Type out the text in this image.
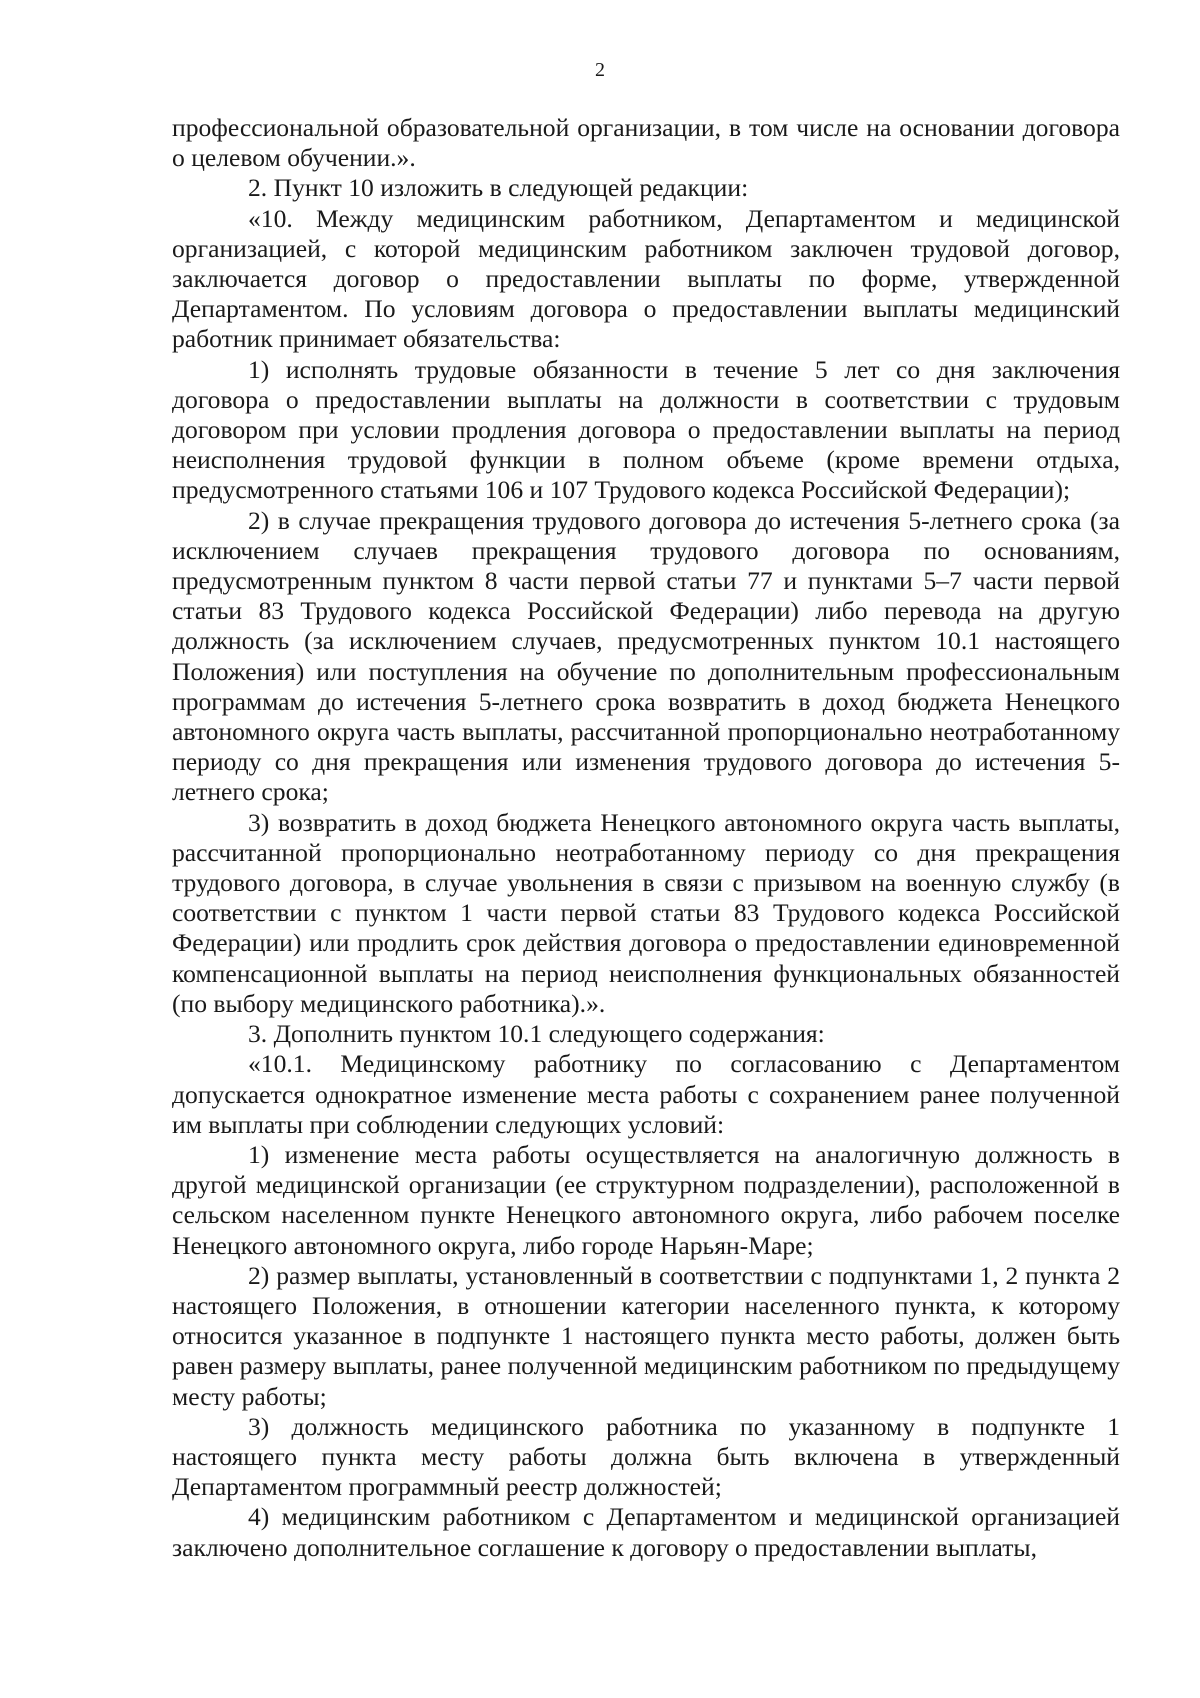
2

профессиональной образовательной организации, в том числе на основании договора о целевом обучении.».

2. Пункт 10 изложить в следующей редакции:

«10. Между медицинским работником, Департаментом и медицинской организацией, с которой медицинским работником заключен трудовой договор, заключается договор о предоставлении выплаты по форме, утвержденной Департаментом. По условиям договора о предоставлении выплаты медицинский работник принимает обязательства:

1) исполнять трудовые обязанности в течение 5 лет со дня заключения договора о предоставлении выплаты на должности в соответствии с трудовым договором при условии продления договора о предоставлении выплаты на период неисполнения трудовой функции в полном объеме (кроме времени отдыха, предусмотренного статьями 106 и 107 Трудового кодекса Российской Федерации);

2) в случае прекращения трудового договора до истечения 5-летнего срока (за исключением случаев прекращения трудового договора по основаниям, предусмотренным пунктом 8 части первой статьи 77 и пунктами 5–7 части первой статьи 83 Трудового кодекса Российской Федерации) либо перевода на другую должность (за исключением случаев, предусмотренных пунктом 10.1 настоящего Положения) или поступления на обучение по дополнительным профессиональным программам до истечения 5-летнего срока возвратить в доход бюджета Ненецкого автономного округа часть выплаты, рассчитанной пропорционально неотработанному периоду со дня прекращения или изменения трудового договора до истечения 5-летнего срока;

3) возвратить в доход бюджета Ненецкого автономного округа часть выплаты, рассчитанной пропорционально неотработанному периоду со дня прекращения трудового договора, в случае увольнения в связи с призывом на военную службу (в соответствии с пунктом 1 части первой статьи 83 Трудового кодекса Российской Федерации) или продлить срок действия договора о предоставлении единовременной компенсационной выплаты на период неисполнения функциональных обязанностей (по выбору медицинского работника).».

3. Дополнить пунктом 10.1 следующего содержания:

«10.1. Медицинскому работнику по согласованию с Департаментом допускается однократное изменение места работы с сохранением ранее полученной им выплаты при соблюдении следующих условий:

1) изменение места работы осуществляется на аналогичную должность в другой медицинской организации (ее структурном подразделении), расположенной в сельском населенном пункте Ненецкого автономного округа, либо рабочем поселке Ненецкого автономного округа, либо городе Нарьян-Маре;

2) размер выплаты, установленный в соответствии с подпунктами 1, 2 пункта 2 настоящего Положения, в отношении категории населенного пункта, к которому относится указанное в подпункте 1 настоящего пункта место работы, должен быть равен размеру выплаты, ранее полученной медицинским работником по предыдущему месту работы;

3) должность медицинского работника по указанному в подпункте 1 настоящего пункта месту работы должна быть включена в утвержденный Департаментом программный реестр должностей;

4) медицинским работником с Департаментом и медицинской организацией заключено дополнительное соглашение к договору о предоставлении выплаты,
